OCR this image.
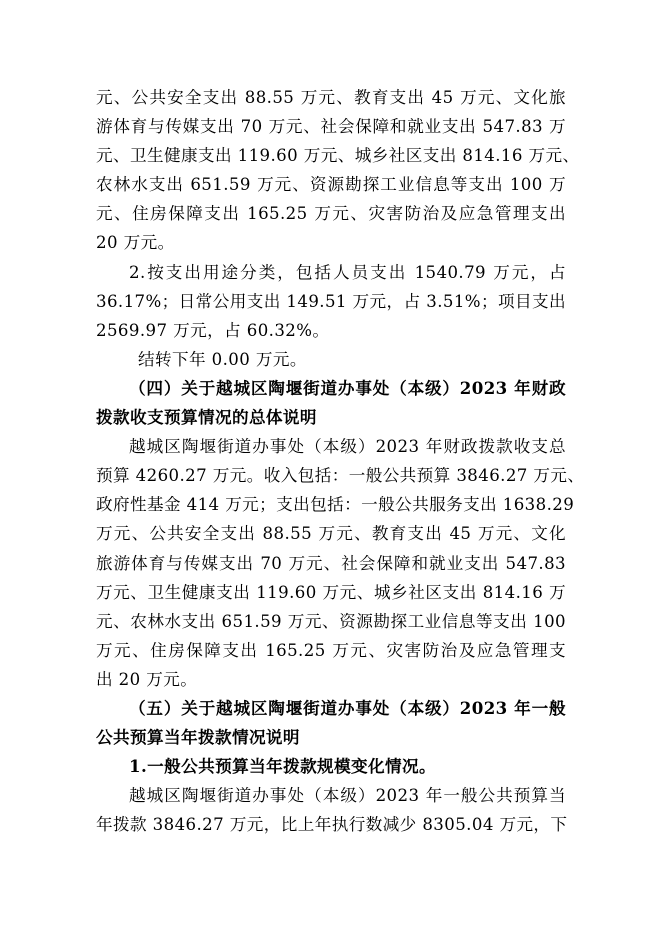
元、公共安全支出 88.55 万元、教育支出 45 万元、文化旅
游体育与传媒支出 70 万元、社会保障和就业支出 547.83 万
元、卫生健康支出 119.60 万元、城乡社区支出 814.16 万元、
农林水支出 651.59 万元、资源勘探工业信息等支出 100 万
元、住房保障支出 165.25 万元、灾害防治及应急管理支出
20 万元。
2.按支出用途分类，包括人员支出 1540.79 万元，占
36.17%；日常公用支出 149.51 万元，占 3.51%；项目支出
2569.97 万元，占 60.32%。
结转下年 0.00 万元。
（四）关于越城区陶堰街道办事处（本级）2023 年财政
拨款收支预算情况的总体说明
越城区陶堰街道办事处（本级）2023 年财政拨款收支总
预算 4260.27 万元。收入包括：一般公共预算 3846.27 万元、
政府性基金 414 万元；支出包括：一般公共服务支出 1638.29
万元、公共安全支出 88.55 万元、教育支出 45 万元、文化
旅游体育与传媒支出 70 万元、社会保障和就业支出 547.83
万元、卫生健康支出 119.60 万元、城乡社区支出 814.16 万
元、农林水支出 651.59 万元、资源勘探工业信息等支出 100
万元、住房保障支出 165.25 万元、灾害防治及应急管理支
出 20 万元。
（五）关于越城区陶堰街道办事处（本级）2023 年一般
公共预算当年拨款情况说明
1.一般公共预算当年拨款规模变化情况。
越城区陶堰街道办事处（本级）2023 年一般公共预算当
年拨款 3846.27 万元，比上年执行数减少 8305.04 万元，下
